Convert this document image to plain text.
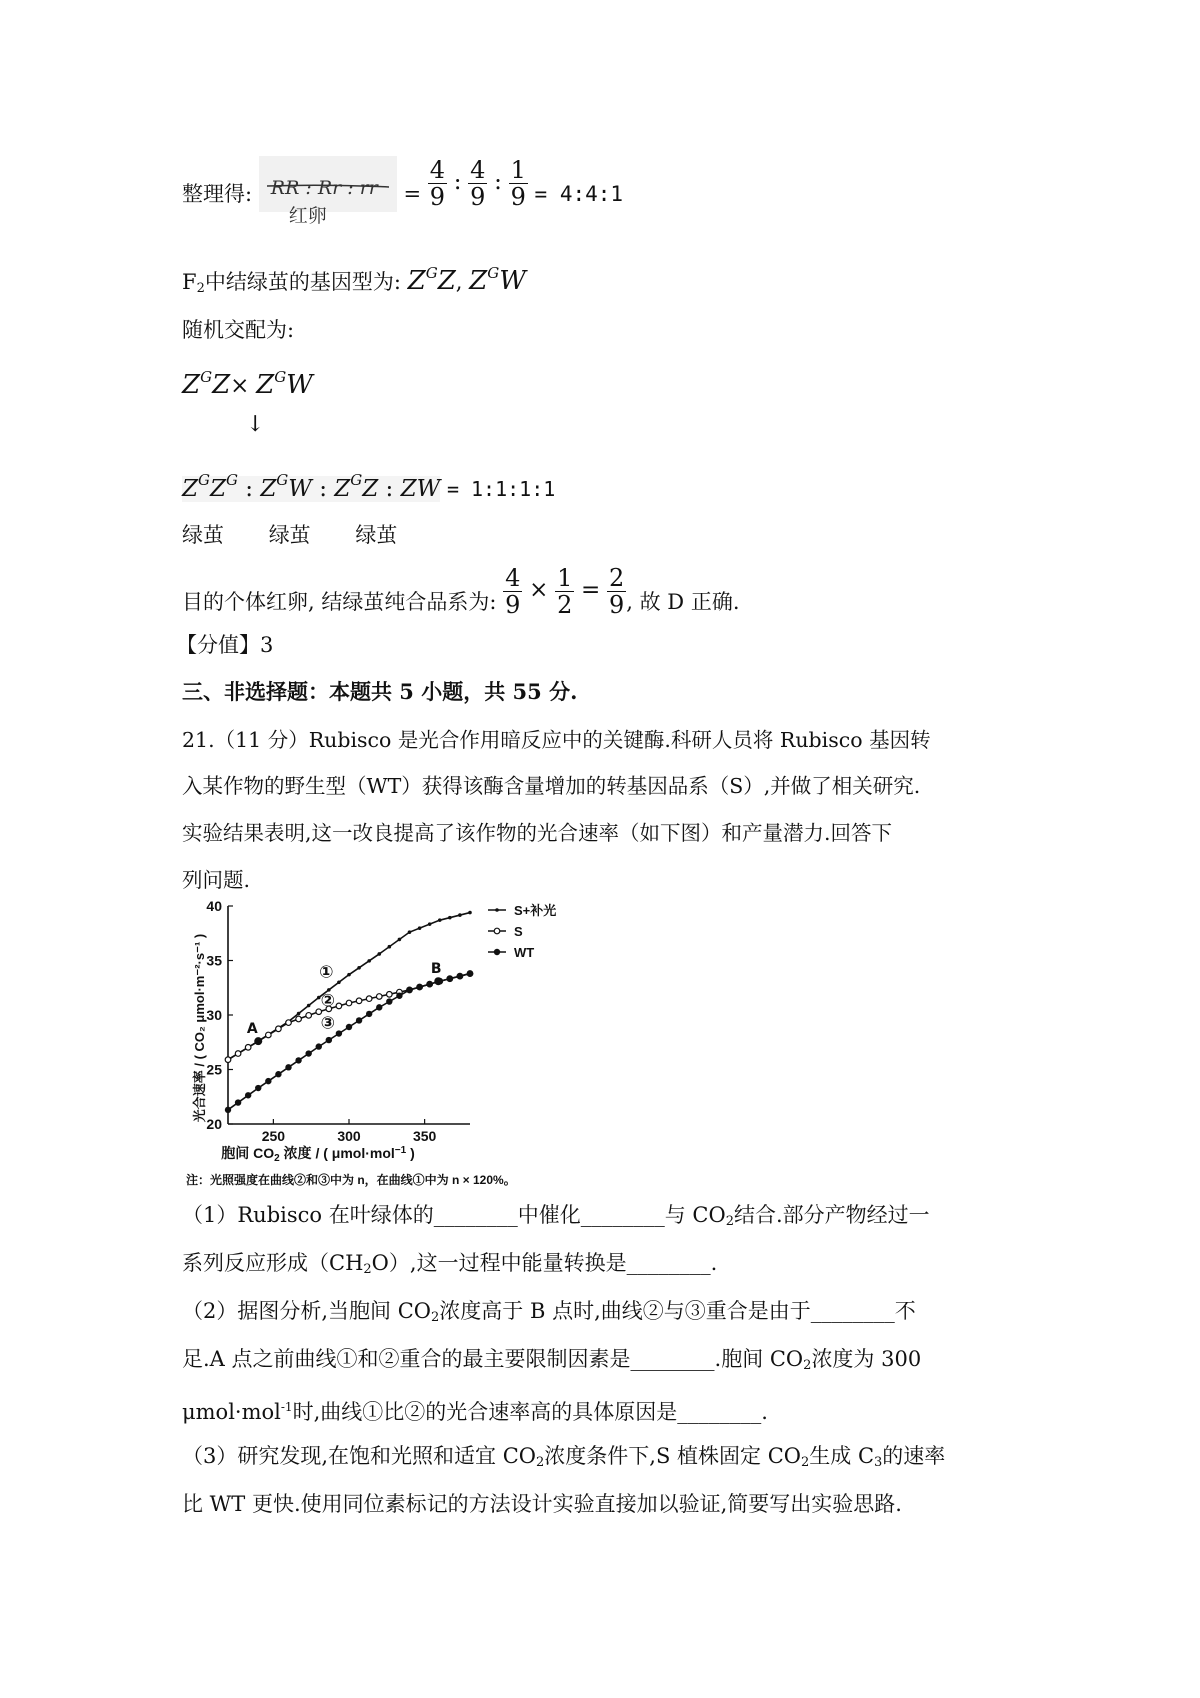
整理得: RR : Rr : rr
红卵
= $\frac{4}{9}$ : $\frac{4}{9}$ : $\frac{1}{9}$ = 4:4:1
$F_2$中结绿茧的基因型为: $Z^GZ$, $Z^GW$
随机交配为:
$Z^GZ\times Z^GW$
↓
$Z^GZ^G$ : $Z^GW$ : $Z^GZ$ : ZW = 1:1:1:1
绿茧 绿茧 绿茧
目的个体红卵, 结绿茧纯合品系为: $\frac{4}{9} \times \frac{1}{2} = \frac{2}{9}$ , 故 D 正确.
【分值】3
三、非选择题：本题共 5 小题，共 55 分.
21.（11 分）Rubisco 是光合作用暗反应中的关键酶.科研人员将 Rubisco 基因转
入某作物的野生型（WT）获得该酶含量增加的转基因品系（S）,并做了相关研究.
实验结果表明,这一改良提高了该作物的光合速率（如下图）和产量潜力.回答下
列问题.
20
25
30
35
40
250	300	350
A
B
①
②
③
S+补光
S
WT
光合速率 / ( CO₂ μmol·m⁻²·s⁻¹ )
胞间 $CO_2$ 浓度 / ( μmol·mol$^{-1}$ )
注：光照强度在曲线②和③中为 n，在曲线①中为 n × 120%。
（1）Rubisco 在叶绿体的________中催化________与 $CO_2$结合.部分产物经过一
系列反应形成$(CH_2O)$,这一过程中能量转换是________.
（2）据图分析,当胞间 $CO_2$浓度高于 B 点时,曲线②与③重合是由于________不
足.A 点之前曲线①和②重合的最主要限制因素是________.胞间 $CO_2$浓度为 300
μmol·mol$^{-1}$时,曲线①比②的光合速率高的具体原因是________.
（3）研究发现,在饱和光照和适宜 $CO_2$浓度条件下,S 植株固定 $CO_2$生成 $C_3$的速率
比 WT 更快.使用同位素标记的方法设计实验直接加以验证,简要写出实验思路.
